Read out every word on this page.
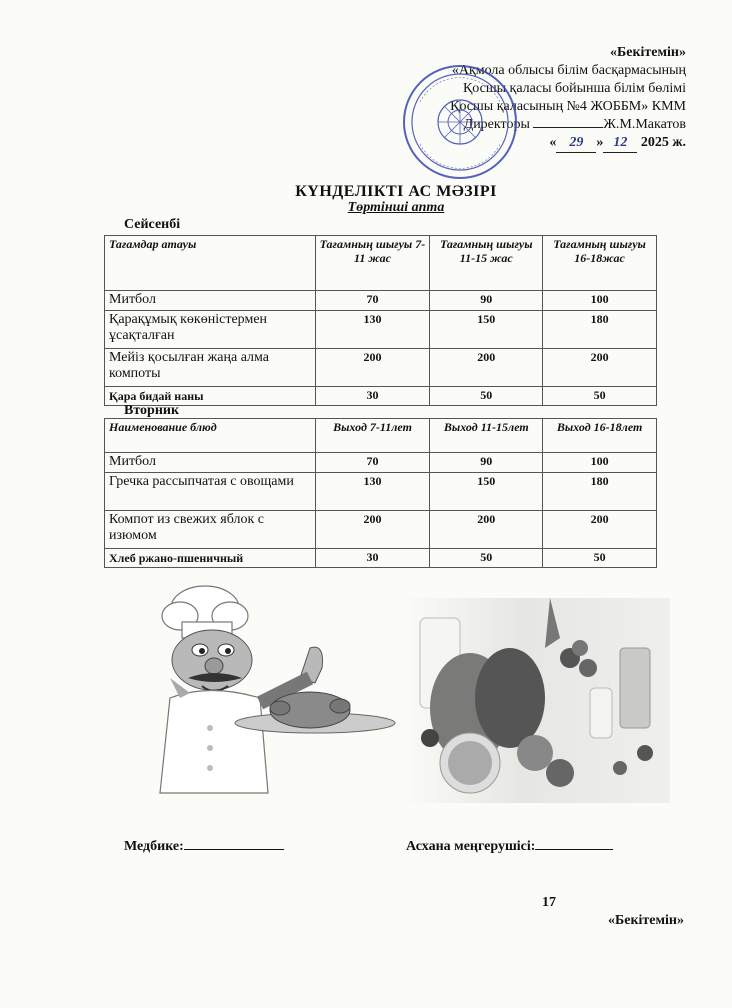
«Бекітемін»
«Ақмола облысы білім басқармасының
Қосшы қаласы бойынша білім бөлімі
Қосшы қаласының №4 ЖОББМ» КММ
Директоры	Ж.М.Макатов
« 29 » 12 2025 ж.
КҮНДЕЛІКТІ АС МӘЗІРІ
Төртінші апта
Сейсенбі
Тағамдар атауы	Тағамның шығуы 7-11 жас	Тағамның шығуы 11-15 жас	Тағамның шығуы 16-18жас
Митбол	70	90	100
Қарақұмық көкөністермен ұсақталған	130	150	180
Мейіз қосылған жаңа алма компоты	200	200	200
Қара бидай наны	30	50	50
Вторник
Наименование блюд	Выход 7-11лет	Выход 11-15лет	Выход 16-18лет
Митбол	70	90	100
Гречка рассыпчатая с овощами	130	150	180
Компот из свежих яблок с изюмом	200	200	200
Хлеб ржано-пшеничный	30	50	50
Медбике:	Асхана меңгерушісі:
17
«Бекітемін»
